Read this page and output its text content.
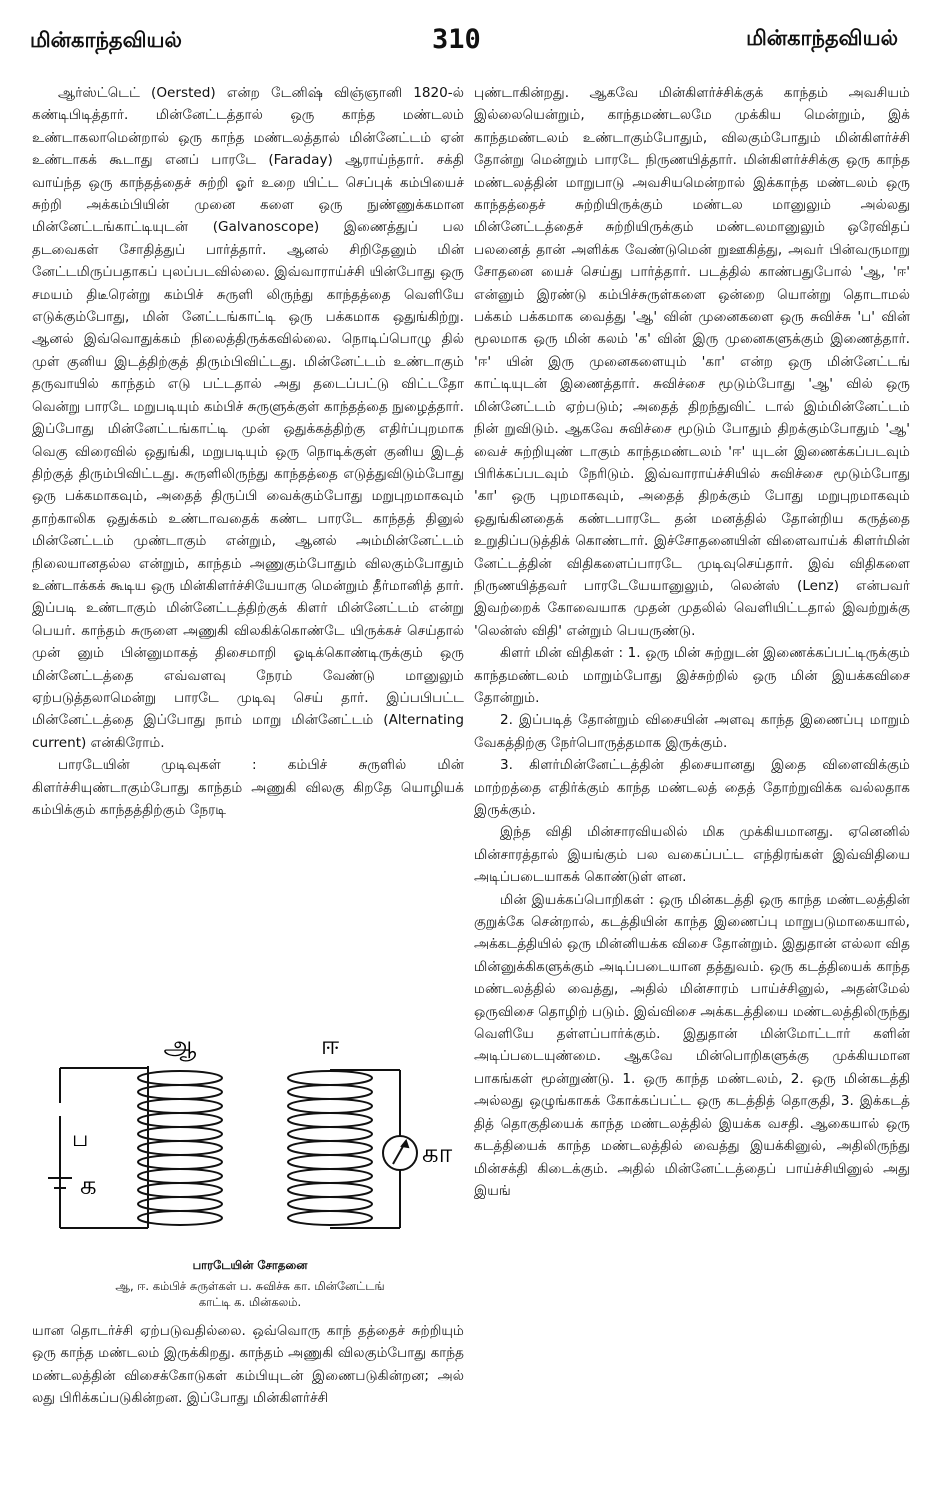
மின்காந்தவியல்	310	மின்காந்தவியல்

ஆர்ஸ்ட்டெட் (Oersted) என்ற டேனிஷ் விஞ்ஞானி 1820-ல் கண்டிபிடித்தார். மின்னேட்டத்தால் ஒரு காந்த மண்டலம் உண்டாகலாமென்றால் ஒரு காந்த மண்டலத்தால் மின்னேட்டம் ஏன் உண்டாகக் கூடாது எனப் பாரடே (Faraday) ஆராய்ந்தார். சக்தி வாய்ந்த ஒரு காந்தத்தைச் சுற்றி ஓர் உறை யிட்ட செப்புக் கம்பியைச் சுற்றி அக்கம்பியின் முனை களை ஒரு நுண்ணுக்கமான மின்னேட்டங்காட்டியுடன் (Galvanoscope) இணைத்துப் பல தடவைகள் சோதித்துப் பார்த்தார். ஆனல் சிறிதேனும் மின் னேட்டமிருப்பதாகப் புலப்படவில்லை. இவ்வாராய்ச்சி யின்போது ஒரு சமயம் திடீரென்று கம்பிச் சுருளி லிருந்து காந்தத்தை வெளியே எடுக்கும்போது, மின் னேட்டங்காட்டி ஒரு பக்கமாக ஒதுங்கிற்று. ஆனல் இவ்வொதுக்கம் நிலைத்திருக்கவில்லை. நொடிப்பொழு தில் முள் குனிய இடத்திற்குத் திரும்பிவிட்டது. மின்னேட்டம் உண்டாகும் தருவாயில் காந்தம் எடு பட்டதால் அது தடைப்பட்டு விட்டதோ வென்று பாரடே மறுபடியும் கம்பிச் சுருளுக்குள் காந்தத்தை நுழைத்தார். இப்போது மின்னேட்டங்காட்டி முன் ஒதுக்கத்திற்கு எதிர்ப்புறமாக வெகு விரைவில் ஒதுங்கி, மறுபடியும் ஒரு நொடிக்குள் குனிய இடத் திற்குத் திரும்பிவிட்டது. சுருளிலிருந்து காந்தத்தை எடுத்துவிடும்போது ஒரு பக்கமாகவும், அதைத் திருப்பி வைக்கும்போது மறுபுறமாகவும் தாற்காலிக ஒதுக்கம் உண்டாவதைக் கண்ட பாரடே காந்தத் தினுல் மின்னேட்டம் முண்டாகும் என்றும், ஆனல் அம்மின்னேட்டம் நிலையானதல்ல என்றும், காந்தம் அணுகும்போதும் விலகும்போதும் உண்டாக்கக் கூடிய ஒரு மின்கிளர்ச்சியேயாகு மென்றும் தீர்மானித் தார். இப்படி உண்டாகும் மின்னேட்டத்திற்குக் கிளர் மின்னேட்டம் என்று பெயர். காந்தம் சுருளை அணுகி விலகிக்கொண்டே யிருக்கச் செய்தால் முன் னும் பின்னுமாகத் திசைமாறி ஓடிக்கொண்டிருக்கும் ஒரு மின்னேட்டத்தை எவ்வளவு நேரம் வேண்டு மானுலும் ஏற்படுத்தலாமென்று பாரடே முடிவு செய் தார். இப்பபிபட்ட மின்னேட்டத்தை இப்போது நாம் மாறு மின்னேட்டம் (Alternating current) என்கிரோம்.

பாரடேயின் முடிவுகள் : கம்பிச் சுருளில் மின் கிளர்ச்சியுண்டாகும்போது காந்தம் அணுகி விலகு கிறதே யொழியக் கம்பிக்கும் காந்தத்திற்கும் நேரடி

ஆ	ஈ
ப
க
கா
பாரடேயின் சோதனை
ஆ, ஈ. கம்பிச் சுருள்கள் ப. சுவிச்சு கா. மின்னேட்டங்
காட்டி க. மின்கலம்.

யான தொடர்ச்சி ஏற்படுவதில்லை. ஒவ்வொரு காந் தத்தைச் சுற்றியும் ஒரு காந்த மண்டலம் இருக்கிறது. காந்தம் அணுகி விலகும்போது காந்த மண்டலத்தின் விசைக்கோடுகள் கம்பியுடன் இணைபடுகின்றன; அல் லது பிரிக்கப்படுகின்றன. இப்போது மின்கிளர்ச்சி

புண்டாகின்றது. ஆகவே மின்கிளர்ச்சிக்குக் காந்தம் அவசியம் இல்லையென்றும், காந்தமண்டலமே முக்கிய மென்றும், இக் காந்தமண்டலம் உண்டாகும்போதும், விலகும்போதும் மின்கிளர்ச்சி தோன்று மென்றும் பாரடே நிருணயித்தார். மின்கிளர்ச்சிக்கு ஒரு காந்த மண்டலத்தின் மாறுபாடு அவசியமென்றால் இக்காந்த மண்டலம் ஒரு காந்தத்தைச் சுற்றியிருக்கும் மண்டல மானுலும் அல்லது மின்னேட்டத்தைச் சுற்றியிருக்கும் மண்டலமானுலும் ஒரேவிதப் பலனைத் தான் அளிக்க வேண்டுமென் றுஊகித்து, அவர் பின்வருமாறு சோதனை யைச் செய்து பார்த்தார். படத்தில் காண்பதுபோல் 'ஆ, 'ஈ' என்னும் இரண்டு கம்பிச்சுருள்களை ஒன்றை யொன்று தொடாமல் பக்கம் பக்கமாக வைத்து 'ஆ' வின் முனைகளை ஒரு சுவிச்சு 'ப' வின் மூலமாக ஒரு மின் கலம் 'க' வின் இரு முனைகளுக்கும் இணைத்தார். 'ஈ' யின் இரு முனைகளையும் 'கா' என்ற ஒரு மின்னேட்டங் காட்டியுடன் இணைத்தார். சுவிச்சை மூடும்போது 'ஆ' வில் ஒரு மின்னேட்டம் ஏற்படும்; அதைத் திறந்துவிட் டால் இம்மின்னேட்டம் நின் றுவிடும். ஆகவே சுவிச்சை மூடும் போதும் திறக்கும்போதும் 'ஆ' வைச் சுற்றியுண் டாகும் காந்தமண்டலம் 'ஈ' யுடன் இணைக்கப்படவும் பிரிக்கப்படவும் நேரிடும். இவ்வாராய்ச்சியில் சுவிச்சை மூடும்போது 'கா' ஒரு புறமாகவும், அதைத் திறக்கும் போது மறுபுறமாகவும் ஒதுங்கினதைக் கண்டபாரடே தன் மனத்தில் தோன்றிய கருத்தை உறுதிப்படுத்திக் கொண்டார். இச்சோதனையின் விளைவாய்க் கிளர்மின் னேட்டத்தின் விதிகளைப்பாரடே முடிவுசெய்தார். இவ் விதிகளை நிருணயித்தவர் பாரடேயேயானுலும், லென்ஸ் (Lenz) என்பவர் இவற்றைக் கோவையாக முதன் முதலில் வெளியிட்டதால் இவற்றுக்கு 'லென்ஸ் விதி' என்றும் பெயருண்டு.

கிளர் மின் விதிகள் : 1. ஒரு மின் சுற்றுடன் இணைக்கப்பட்டிருக்கும் காந்தமண்டலம் மாறும்போது இச்சுற்றில் ஒரு மின் இயக்கவிசை தோன்றும்.

2. இப்படித் தோன்றும் விசையின் அளவு காந்த இணைப்பு மாறும் வேகத்திற்கு நேர்பொருத்தமாக இருக்கும்.

3. கிளர்மின்னேட்டத்தின் திசையானது இதை விளைவிக்கும் மாற்றத்தை எதிர்க்கும் காந்த மண்டலத் தைத் தோற்றுவிக்க வல்லதாக இருக்கும்.

இந்த விதி மின்சாரவியலில் மிக முக்கியமானது. ஏனெனில் மின்சாரத்தால் இயங்கும் பல வகைப்பட்ட எந்திரங்கள் இவ்விதியை அடிப்படையாகக் கொண்டுள் ளன.

மின் இயக்கப்பொறிகள் : ஒரு மின்கடத்தி ஒரு காந்த மண்டலத்தின் குறுக்கே சென்றால், கடத்தியின் காந்த இணைப்பு மாறுபடுமாகையால், அக்கடத்தியில் ஒரு மின்னியக்க விசை தோன்றும். இதுதான் எல்லா வித மின்னுக்கிகளுக்கும் அடிப்படையான தத்துவம். ஒரு கடத்தியைக் காந்த மண்டலத்தில் வைத்து, அதில் மின்சாரம் பாய்ச்சினுல், அதன்மேல் ஒருவிசை தொழிற் படும். இவ்விசை அக்கடத்தியை மண்டலத்திலிருந்து வெளியே தள்ளப்பார்க்கும். இதுதான் மின்மோட்டார் களின் அடிப்படையுண்மை. ஆகவே மின்பொறிகளுக்கு முக்கியமான பாகங்கள் மூன்றுண்டு. 1. ஒரு காந்த மண்டலம், 2. ஒரு மின்கடத்தி அல்லது ஒழுங்காகக் கோக்கப்பட்ட ஒரு கடத்தித் தொகுதி, 3. இக்கடத் தித் தொகுதியைக் காந்த மண்டலத்தில் இயக்க வசதி. ஆகையால் ஒரு கடத்தியைக் காந்த மண்டலத்தில் வைத்து இயக்கினுல், அதிலிருந்து மின்சக்தி கிடைக்கும். அதில் மின்னேட்டத்தைப் பாய்ச்சியினுல் அது இயங்
